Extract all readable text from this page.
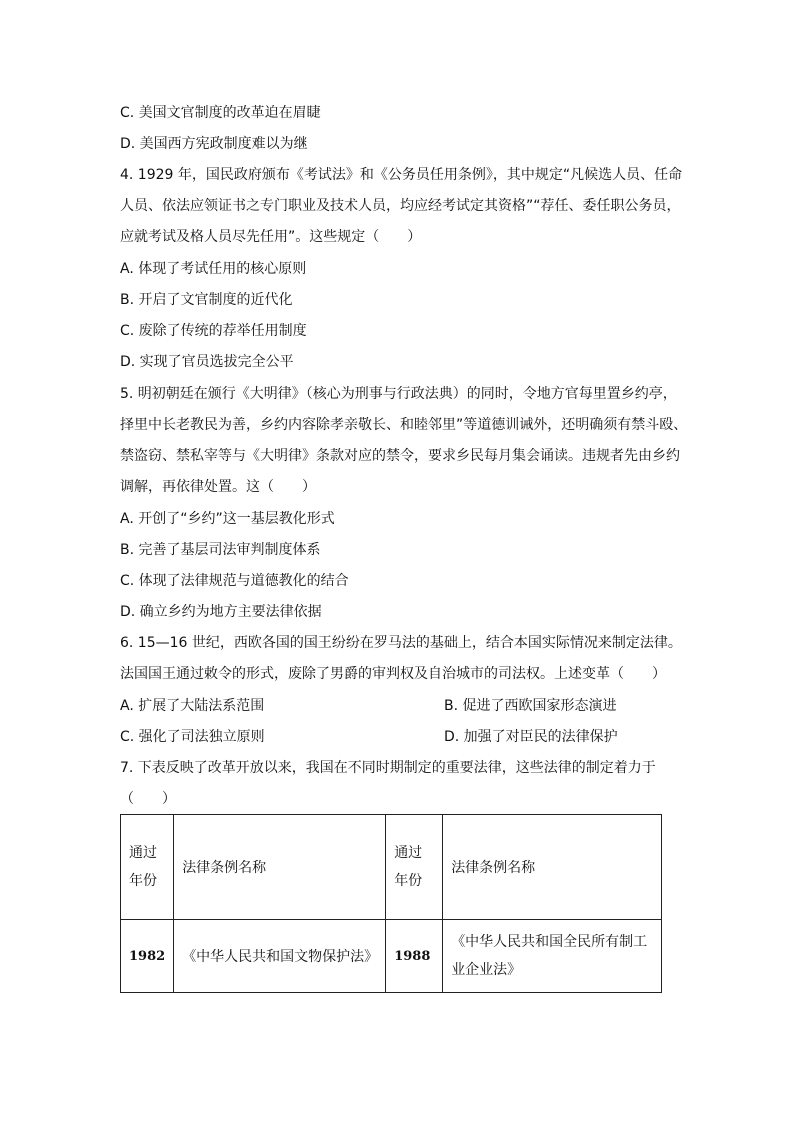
C. 美国文官制度的改革迫在眉睫
D. 美国西方宪政制度难以为继
4. 1929 年，国民政府颁布《考试法》和《公务员任用条例》，其中规定“凡候选人员、任命
人员、依法应领证书之专门职业及技术人员，均应经考试定其资格”“荐任、委任职公务员，
应就考试及格人员尽先任用”。这些规定（　　）
A. 体现了考试任用的核心原则
B. 开启了文官制度的近代化
C. 废除了传统的荐举任用制度
D. 实现了官员选拔完全公平
5. 明初朝廷在颁行《大明律》（核心为刑事与行政法典）的同时，令地方官每里置乡约亭，
择里中长老教民为善，乡约内容除孝亲敬长、和睦邻里”等道德训诫外，还明确须有禁斗殴、
禁盗窃、禁私宰等与《大明律》条款对应的禁令，要求乡民每月集会诵读。违规者先由乡约
调解，再依律处置。这（　　）
A. 开创了“乡约”这一基层教化形式
B. 完善了基层司法审判制度体系
C. 体现了法律规范与道德教化的结合
D. 确立乡约为地方主要法律依据
6. 15—16 世纪，西欧各国的国王纷纷在罗马法的基础上，结合本国实际情况来制定法律。
法国国王通过敕令的形式，废除了男爵的审判权及自治城市的司法权。上述变革（　　）
A. 扩展了大陆法系范围	B. 促进了西欧国家形态演进
C. 强化了司法独立原则	D. 加强了对臣民的法律保护
7. 下表反映了改革开放以来，我国在不同时期制定的重要法律，这些法律的制定着力于
（　　）
通过年份	法律条例名称	通过年份	法律条例名称
1982	《中华人民共和国文物保护法》	1988	《中华人民共和国全民所有制工业企业法》
